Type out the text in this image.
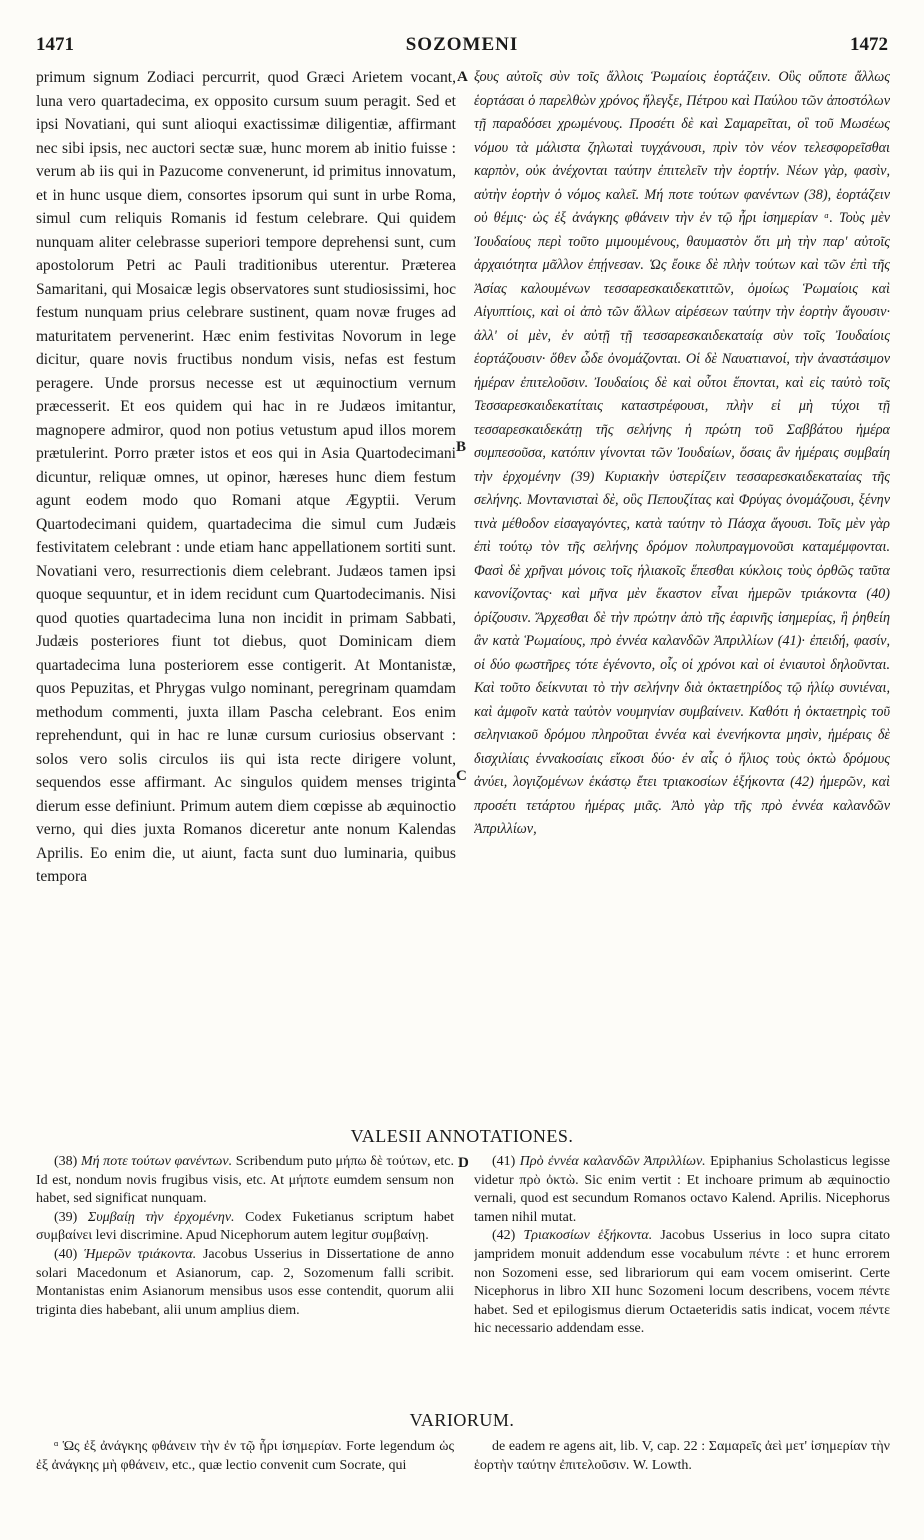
1471	SOZOMENI	1472

primum signum Zodiaci percurrit, quod Græci Arietem vocant, luna vero quartadecima, ex opposito cursum suum peragit. Sed et ipsi Novatiani, qui sunt alioqui exactissimæ diligentiæ, affirmant nec sibi ipsis, nec auctori sectæ suæ, hunc morem ab initio fuisse : verum ab iis qui in Pazucome convenerunt, id primitus innovatum, et in hunc usque diem, consortes ipsorum qui sunt in urbe Roma, simul cum reliquis Romanis id festum celebrare. Qui quidem nunquam aliter celebrasse superiori tempore deprehensi sunt, cum apostolorum Petri ac Pauli traditionibus uterentur. Præterea Samaritani, qui Mosaicæ legis observatores sunt studiosissimi, hoc festum nunquam prius celebrare sustinent, quam novæ fruges ad maturitatem pervenerint. Hæc enim festivitas Novorum in lege dicitur, quare novis fructibus nondum visis, nefas est festum peragere. Unde prorsus necesse est ut æquinoctium vernum præcesserit. Et eos quidem qui hac in re Judæos imitantur, magnopere admiror, quod non potius vetustum apud illos morem prætulerint. Porro præter istos et eos qui in Asia Quartodecimani dicuntur, reliquæ omnes, ut opinor, hæreses hunc diem festum agunt eodem modo quo Romani atque Ægyptii. Verum Quartodecimani quidem, quartadecima die simul cum Judæis festivitatem celebrant : unde etiam hanc appellationem sortiti sunt. Novatiani vero, resurrectionis diem celebrant. Judæos tamen ipsi quoque sequuntur, et in idem recidunt cum Quartodecimanis. Nisi quod quoties quartadecima luna non incidit in primam Sabbati, Judæis posteriores fiunt tot diebus, quot Dominicam diem quartadecima luna posteriorem esse contigerit. At Montanistæ, quos Pepuzitas, et Phrygas vulgo nominant, peregrinam quamdam methodum commenti, juxta illam Pascha celebrant. Eos enim reprehendunt, qui in hac re lunæ cursum curiosius observant : solos vero solis circulos iis qui ista recte dirigere volunt, sequendos esse affirmant. Ac singulos quidem menses triginta dierum esse definiunt. Primum autem diem cœpisse ab æquinoctio verno, qui dies juxta Romanos diceretur ante nonum Kalendas Aprilis. Eo enim die, ut aiunt, facta sunt duo luminaria, quibus tempora

ξους αὐτοῖς σὺν τοῖς ἄλλοις Ῥωμαίοις ἑορτάζειν. Οὓς οὔποτε ἄλλως ἑορτάσαι ὁ παρελθὼν χρόνος ἤλεγξε, Πέτρου καὶ Παύλου τῶν ἀποστόλων τῇ παραδόσει χρωμένους. Προσέτι δὲ καὶ Σαμαρεῖται, οἳ τοῦ Μωσέως νόμου τὰ μάλιστα ζηλωταὶ τυγχάνουσι, πρὶν τὸν νέον τελεσφορεῖσθαι καρπὸν, οὐκ ἀνέχονται ταύτην ἐπιτελεῖν τὴν ἑορτήν. Νέων γὰρ, φασὶν, αὐτὴν ἑορτὴν ὁ νόμος καλεῖ. Μή ποτε τούτων φανέντων (38), ἑορτάζειν οὐ θέμις· ὡς ἐξ ἀνάγκης φθάνειν τὴν ἐν τῷ ἦρι ἰσημερίαν ᵅ. Τοὺς μὲν Ἰουδαίους περὶ τοῦτο μιμουμένους, θαυμαστὸν ὅτι μὴ τὴν παρ' αὐτοῖς ἀρχαιότητα μᾶλλον ἐπῄνεσαν. Ὡς ἔοικε δὲ πλὴν τούτων καὶ τῶν ἐπὶ τῆς Ἀσίας καλουμένων τεσσαρεσκαιδεκατιτῶν, ὁμοίως Ῥωμαίοις καὶ Αἰγυπτίοις, καὶ οἱ ἀπὸ τῶν ἄλλων αἱρέσεων ταύτην τὴν ἑορτὴν ἄγουσιν· ἀλλ' οἱ μὲν, ἐν αὐτῇ τῇ τεσσαρεσκαιδεκαταίᾳ σὺν τοῖς Ἰουδαίοις ἑορτάζουσιν· ὅθεν ὧδε ὀνομάζονται. Οἱ δὲ Ναυατιανοί, τὴν ἀναστάσιμον ἡμέραν ἐπιτελοῦσιν. Ἰουδαίοις δὲ καὶ οὗτοι ἕπονται, καὶ εἰς ταὐτὸ τοῖς Τεσσαρεσκαιδεκατίταις καταστρέφουσι, πλὴν εἰ μὴ τύχοι τῇ τεσσαρεσκαιδεκάτῃ τῆς σελήνης ἡ πρώτη τοῦ Σαββάτου ἡμέρα συμπεσοῦσα, κατόπιν γίνονται τῶν Ἰουδαίων, ὅσαις ἂν ἡμέραις συμβαίη τὴν ἐρχομένην (39) Κυριακὴν ὑστερίζειν τεσσαρεσκαιδεκαταίας τῆς σελήνης. Μοντανισταὶ δὲ, οὓς Πεπουζίτας καὶ Φρύγας ὀνομάζουσι, ξένην τινὰ μέθοδον εἰσαγαγόντες, κατὰ ταύτην τὸ Πάσχα ἄγουσι. Τοῖς μὲν γὰρ ἐπὶ τούτῳ τὸν τῆς σελήνης δρόμον πολυπραγμονοῦσι καταμέμφονται. Φασὶ δὲ χρῆναι μόνοις τοῖς ἡλιακοῖς ἕπεσθαι κύκλοις τοὺς ὀρθῶς ταῦτα κανονίζοντας· καὶ μῆνα μὲν ἕκαστον εἶναι ἡμερῶν τριάκοντα (40) ὁρίζουσιν. Ἄρχεσθαι δὲ τὴν πρώτην ἀπὸ τῆς ἐαρινῆς ἰσημερίας, ἣ ῥηθείη ἂν κατὰ Ῥωμαίους, πρὸ ἐννέα καλανδῶν Ἀπριλλίων (41)· ἐπειδή, φασίν, οἱ δύο φωστῆρες τότε ἐγένοντο, οἷς οἱ χρόνοι καὶ οἱ ἐνιαυτοὶ δηλοῦνται. Καὶ τοῦτο δείκνυται τὸ τὴν σελήνην διὰ ὀκταετηρίδος τῷ ἡλίῳ συνιέναι, καὶ ἀμφοῖν κατὰ ταὐτὸν νουμηνίαν συμβαίνειν. Καθότι ἡ ὀκταετηρὶς τοῦ σεληνιακοῦ δρόμου πληροῦται ἐννέα καὶ ἐνενήκοντα μησὶν, ἡμέραις δὲ δισχιλίαις ἐνναkοσίαις εἴκοσι δύο· ἐν αἷς ὁ ἥλιος τοὺς ὀκτὼ δρόμους ἀνύει, λογιζομένων ἑκάστῳ ἔτει τριακοσίων ἑξήκοντα (42) ἡμερῶν, καὶ προσέτι τετάρτου ἡμέρας μιᾶς. Ἀπὸ γὰρ τῆς πρὸ ἐννέα καλανδῶν Ἀπριλλίων,

A
B
C
D
VALESII ANNOTATIONES.

(38) Μή ποτε τούτων φανέντων. Scribendum puto μήπω δὲ τούτων, etc. Id est, nondum novis frugibus visis, etc. At μήποτε eumdem sensum non habet, sed significat nunquam.

(39) Συμβαίῃ τὴν ἐρχομένην. Codex Fuketianus scriptum habet συμβαίνει levi discrimine. Apud Nicephorum autem legitur συμβαίνῃ.

(40) Ἡμερῶν τριάκοντα. Jacobus Usserius in Dissertatione de anno solari Macedonum et Asianorum, cap. 2, Sozomenum falli scribit. Montanistas enim Asianorum mensibus usos esse contendit, quorum alii triginta dies habebant, alii unum amplius diem.

(41) Πρὸ ἐννέα καλανδῶν Ἀπριλλίων. Epiphanius Scholasticus legisse videtur πρὸ ὀκτὼ. Sic enim vertit : Et inchoare primum ab æquinoctio vernali, quod est secundum Romanos octavo Kalend. Aprilis. Nicephorus tamen nihil mutat.

(42) Τριακοσίων ἑξήκοντα. Jacobus Usserius in loco supra citato jampridem monuit addendum esse vocabulum πέντε : et hunc errorem non Sozomeni esse, sed librariorum qui eam vocem omiserint. Certe Nicephorus in libro XII hunc Sozomeni locum describens, vocem πέντε habet. Sed et epilogismus dierum Octaeteridis satis indicat, vocem πέντε hic necessario addendam esse.

VARIORUM.

ᵅ Ὡς ἐξ ἀνάγκης φθάνειν τὴν ἐν τῷ ἦρι ἰσημερίαν. Forte legendum ὡς ἐξ ἀνάγκης μὴ φθάνειν, etc., quæ lectio convenit cum Socrate, qui

de eadem re agens ait, lib. V, cap. 22 : Σαμαρεῖς ἀεὶ μετ' ἰσημερίαν τὴν ἑορτὴν ταύτην ἐπιτελοῦσιν. W. Lowth.
